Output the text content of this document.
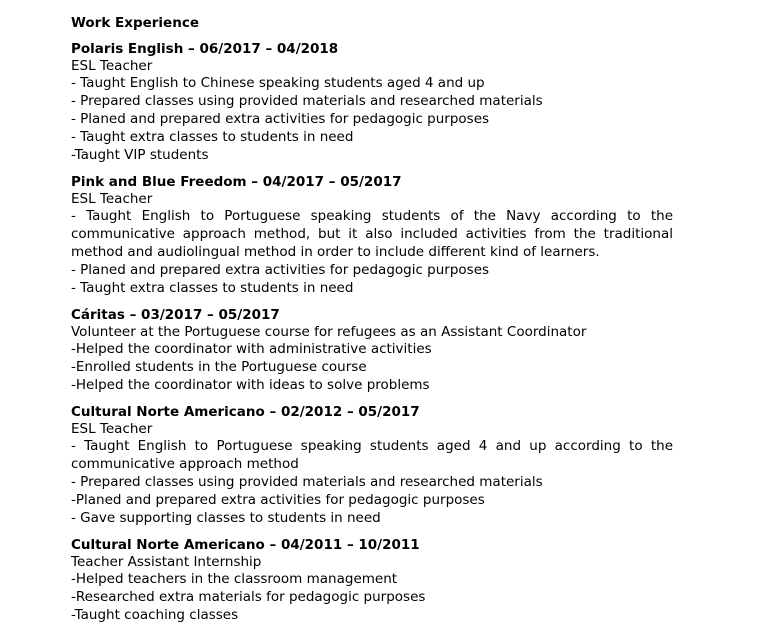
Work Experience
Polaris English – 06/2017 – 04/2018
ESL Teacher
- Taught English to Chinese speaking students aged 4 and up
- Prepared classes using provided materials and researched materials
- Planed and prepared extra activities for pedagogic purposes
- Taught extra classes to students in need
-Taught VIP students
Pink and Blue Freedom – 04/2017 – 05/2017
ESL Teacher
- Taught English to Portuguese speaking students of the Navy according to the communicative approach method, but it also included activities from the traditional method and audiolingual method in order to include different kind of learners.
- Planed and prepared extra activities for pedagogic purposes
- Taught extra classes to students in need
Cáritas – 03/2017 – 05/2017
Volunteer at the Portuguese course for refugees as an Assistant Coordinator
-Helped the coordinator with administrative activities
-Enrolled students in the Portuguese course
-Helped the coordinator with ideas to solve problems
Cultural Norte Americano – 02/2012 – 05/2017
ESL Teacher
- Taught English to Portuguese speaking students aged 4 and up according to the communicative approach method
- Prepared classes using provided materials and researched materials
-Planed and prepared extra activities for pedagogic purposes
- Gave supporting classes to students in need
Cultural Norte Americano – 04/2011 – 10/2011
Teacher Assistant Internship
-Helped teachers in the classroom management
-Researched extra materials for pedagogic purposes
-Taught coaching classes
